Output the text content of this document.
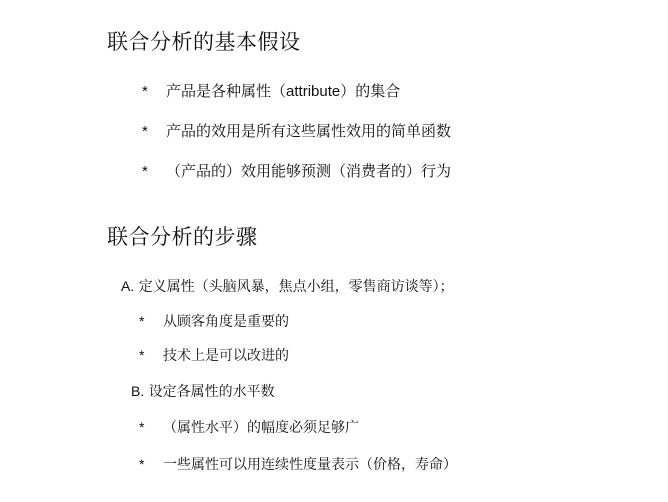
联合分析的基本假设
* 产品是各种属性（attribute）的集合
* 产品的效用是所有这些属性效用的简单函数
* （产品的）效用能够预测（消费者的）行为
联合分析的步骤
A. 定义属性（头脑风暴，焦点小组，零售商访谈等）；
* 从顾客角度是重要的
* 技术上是可以改进的
B. 设定各属性的水平数
* （属性水平）的幅度必须足够广
* 一些属性可以用连续性度量表示（价格，寿命）
